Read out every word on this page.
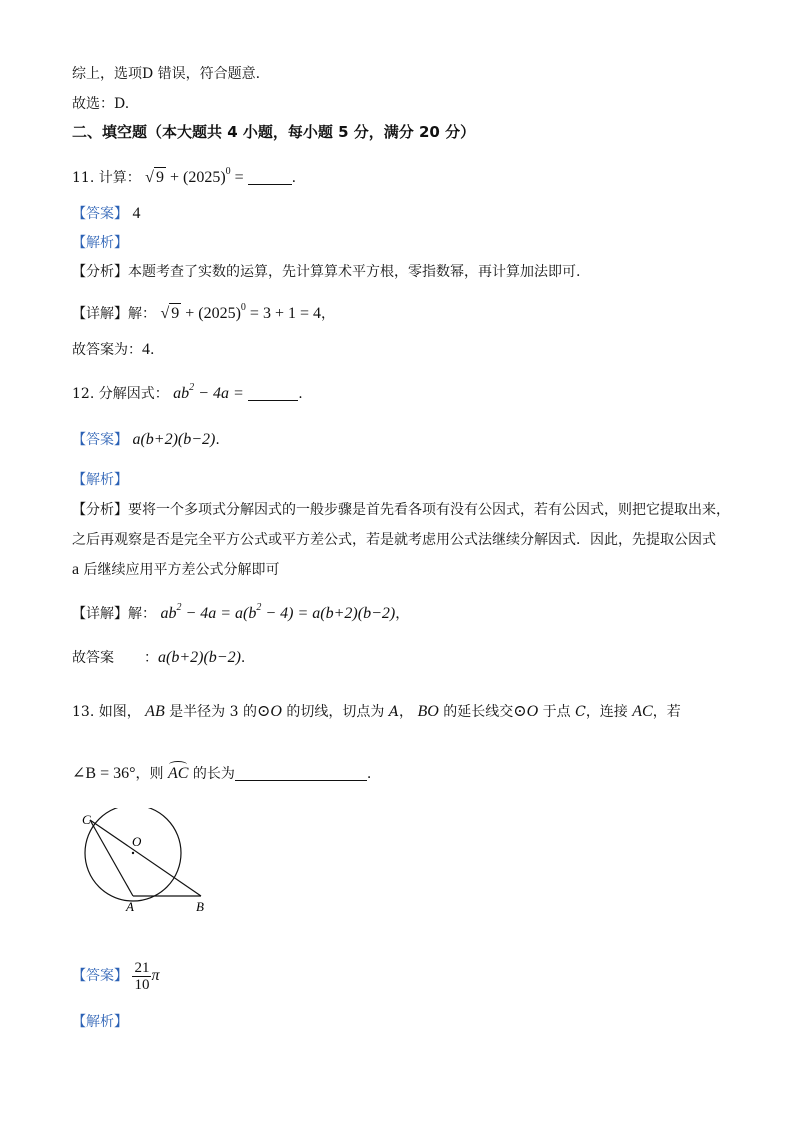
综上，选项D 错误，符合题意.
故选：D.
二、填空题（本大题共 4 小题，每小题 5 分，满分 20 分）
11. 计算： √ $9 + (2025)^0$ =	.
【答案】 4
【解析】
【分析】本题考查了实数的运算，先计算算术平方根，零指数幂，再计算加法即可.
【详解】解： √ $9 + (2025)^0 = 3 + 1 = 4$，
故答案为：4.
12. 分解因式： $ab^2 - 4a$ =	.
【答案】 a(b+2)(b−2).
【解析】
【分析】要将一个多项式分解因式的一般步骤是首先看各项有没有公因式，若有公因式，则把它提取出来，
之后再观察是否是完全平方公式或平方差公式，若是就考虑用公式法继续分解因式．因此，先提取公因式
a 后继续应用平方差公式分解即可
【详解】解： $ab^2 - 4a = a(b^2 - 4) = a(b+2)(b-2)$，
故答案 ：a(b+2)(b−2).
13. 如图， AB 是半径为 3 的⊙O 的切线，切点为 A， BO 的延长线交⊙O 于点 C，连接 AC，若
∠B = 36°，则 AC 的长为	.
C
O
A	B
【答案】 $\frac{21}{10}$ π
【解析】
